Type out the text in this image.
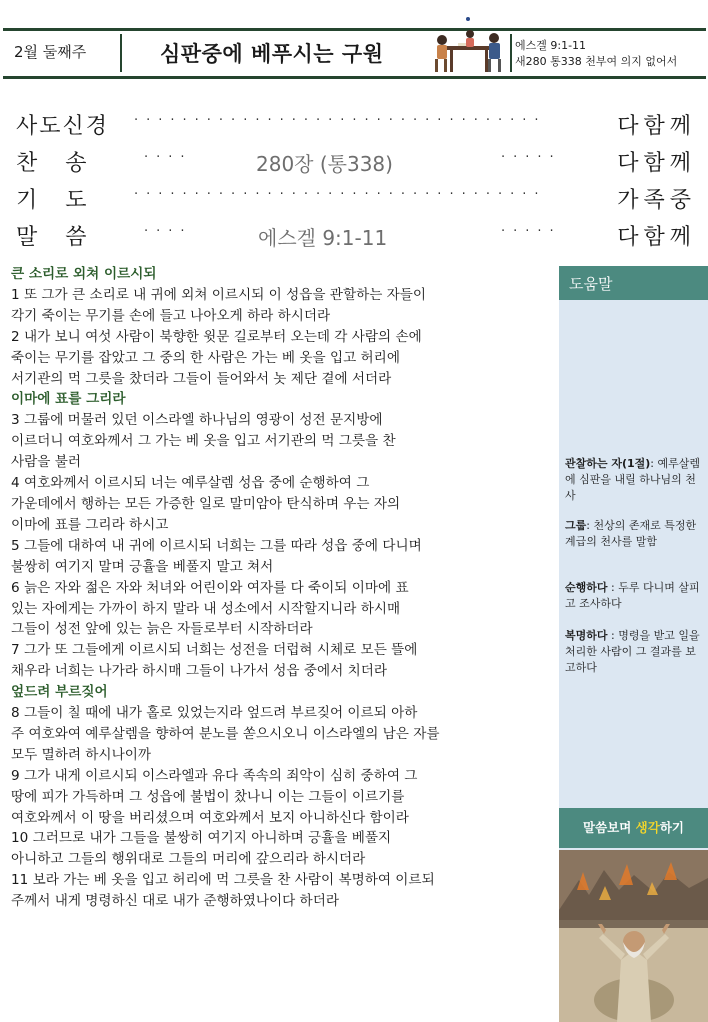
2월 둘째주	심판중에 베푸시는 구원	에스겔 9:1-11
새280 통338 천부여 의지 없어서
사도신경 ··································	다함께
찬    송	····	280장 (통338)	·····	다함께
기    도	··································	가족중
말    씀	····	에스겔 9:1-11	·····	다함께
큰 소리로 외쳐 이르시되
1 또 그가 큰 소리로 내 귀에 외쳐 이르시되 이 성읍을 관할하는 자들이
각기 죽이는 무기를 손에 들고 나아오게 하라 하시더라
2 내가 보니 여섯 사람이 북향한 윗문 길로부터 오는데 각 사람의 손에
죽이는 무기를 잡았고 그 중의 한 사람은 가는 베 옷을 입고 허리에
서기관의 먹 그릇을 찼더라 그들이 들어와서 놋 제단 곁에 서더라
이마에 표를 그리라
3 그룹에 머물러 있던 이스라엘 하나님의 영광이 성전 문지방에
이르더니 여호와께서 그 가는 베 옷을 입고 서기관의 먹 그릇을 찬
사람을 불러
4 여호와께서 이르시되 너는 예루살렘 성읍 중에 순행하여 그
가운데에서 행하는 모든 가증한 일로 말미암아 탄식하며 우는 자의
이마에 표를 그리라 하시고
5 그들에 대하여 내 귀에 이르시되 너희는 그를 따라 성읍 중에 다니며
불쌍히 여기지 말며 긍휼을 베풀지 말고 쳐서
6 늙은 자와 젊은 자와 처녀와 어린이와 여자를 다 죽이되 이마에 표
있는 자에게는 가까이 하지 말라 내 성소에서 시작할지니라 하시매
그들이 성전 앞에 있는 늙은 자들로부터 시작하더라
7 그가 또 그들에게 이르시되 너희는 성전을 더럽혀 시체로 모든 뜰에
채우라 너희는 나가라 하시매 그들이 나가서 성읍 중에서 치더라
엎드려 부르짖어
8 그들이 칠 때에 내가 홀로 있었는지라 엎드려 부르짖어 이르되 아하
주 여호와여 예루살렘을 향하여 분노를 쏟으시오니 이스라엘의 남은 자를
모두 멸하려 하시나이까
9 그가 내게 이르시되 이스라엘과 유다 족속의 죄악이 심히 중하여 그
땅에 피가 가득하며 그 성읍에 불법이 찼나니 이는 그들이 이르기를
여호와께서 이 땅을 버리셨으며 여호와께서 보지 아니하신다 함이라
10 그러므로 내가 그들을 불쌍히 여기지 아니하며 긍휼을 베풀지
아니하고 그들의 행위대로 그들의 머리에 갚으리라 하시더라
11 보라 가는 베 옷을 입고 허리에 먹 그릇을 찬 사람이 복명하여 이르되
주께서 내게 명령하신 대로 내가 준행하였나이다 하더라
도움말
관찰하는 자(1절): 예루살렘에 심판을 내릴 하나님의 천사
그룹: 천상의 존재로 특정한 계급의 천사를 말함
순행하다 : 두루 다니며 살피고 조사하다
복명하다 : 명령을 받고 일을 처리한 사람이 그 결과를 보고하다
말씀보며 생각하기
